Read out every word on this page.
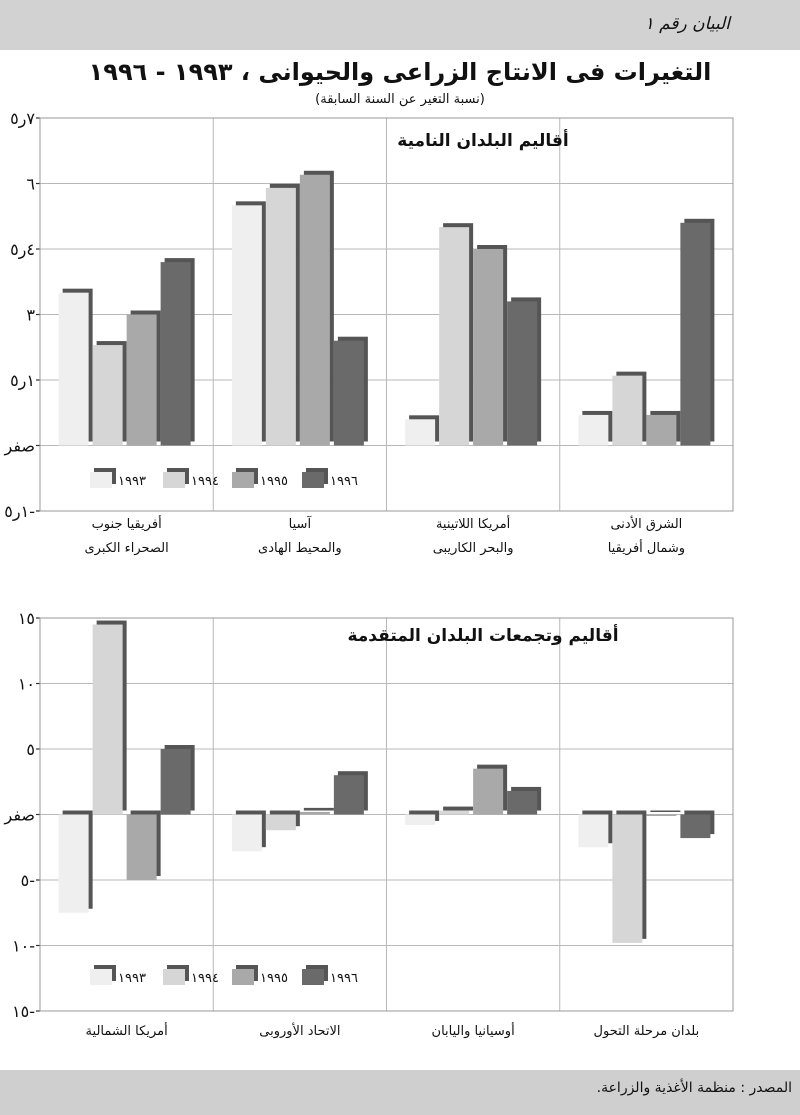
البيان رقم ١
التغيرات فى الانتاج الزراعى والحيوانى ، ١٩٩٣ - ١٩٩٦
(نسبة التغير عن السنة السابقة)
المصدر : منظمة الأغذية والزراعة.
١ر٥-
صفر
١ر٥
٣
٤ر٥
٦
٧ر٥
أفريقيا جنوب
الصحراء الكبرى
آسيا
والمحيط الهادى
أمريكا اللاتينية
والبحر الكاريبى
الشرق الأدنى
وشمال أفريقيا
أقاليم البلدان النامية
١٩٩٣	١٩٩٤	١٩٩٥	١٩٩٦
١٥-
١٠-
٥-
صفر
٥
١٠
١٥
أمريكا الشمالية	الاتحاد الأوروبى	أوسيانيا واليابان	بلدان مرحلة التحول
أقاليم وتجمعات البلدان المتقدمة
١٩٩٣	١٩٩٤	١٩٩٥	١٩٩٦
